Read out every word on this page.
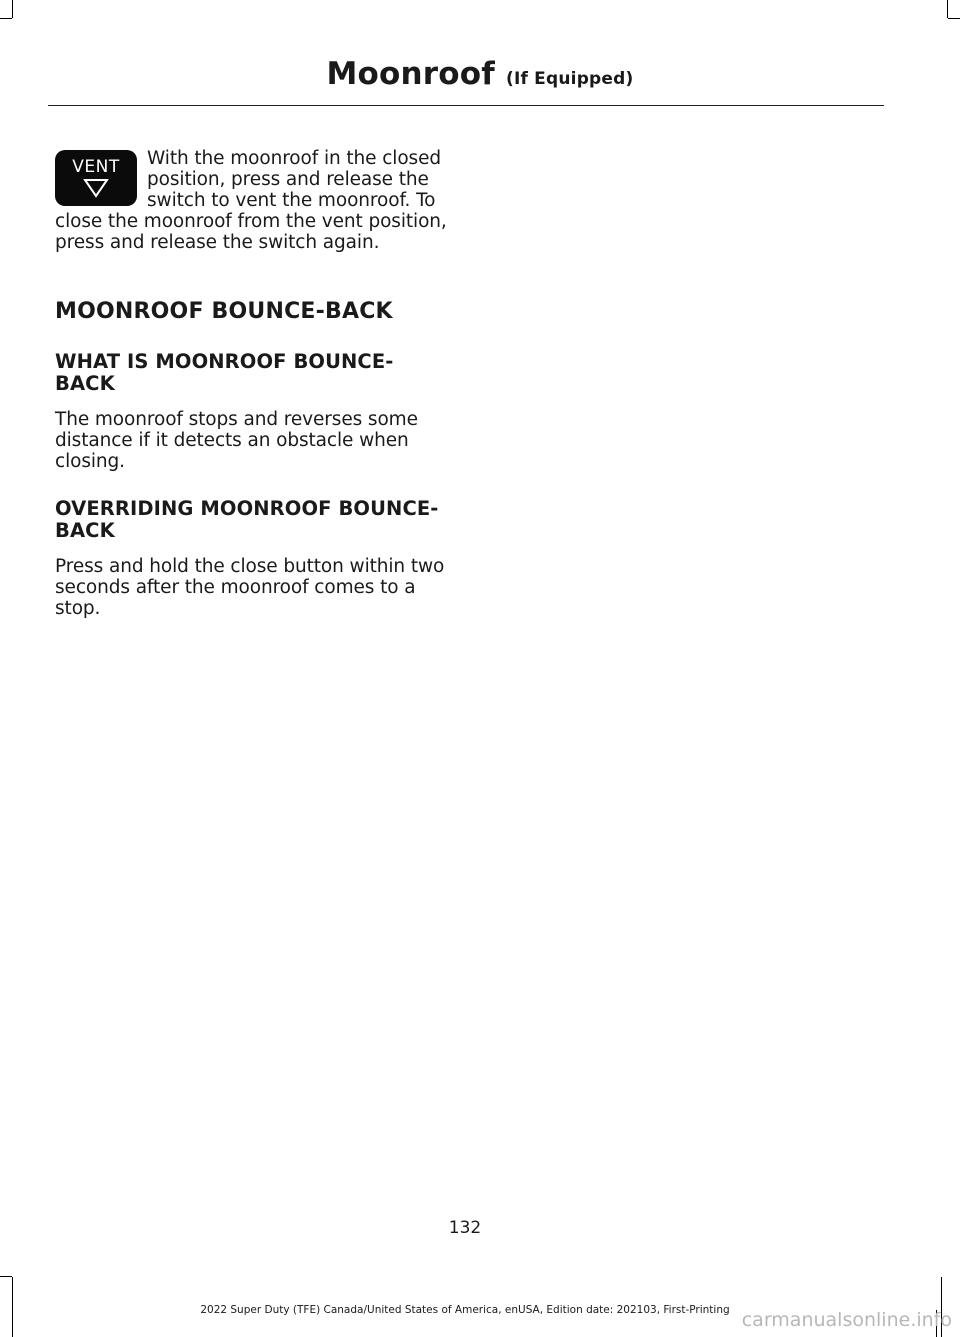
Moonroof (If Equipped)
VENT	With the moonroof in the closed position, press and release the switch to vent the moonroof. To close the moonroof from the vent position, press and release the switch again.

MOONROOF BOUNCE-BACK
WHAT IS MOONROOF BOUNCE-BACK

The moonroof stops and reverses some distance if it detects an obstacle when closing.

OVERRIDING MOONROOF BOUNCE-BACK

Press and hold the close button within two seconds after the moonroof comes to a stop.

132
2022 Super Duty (TFE) Canada/United States of America, enUSA, Edition date: 202103, First-Printing carmanualsonline.info
